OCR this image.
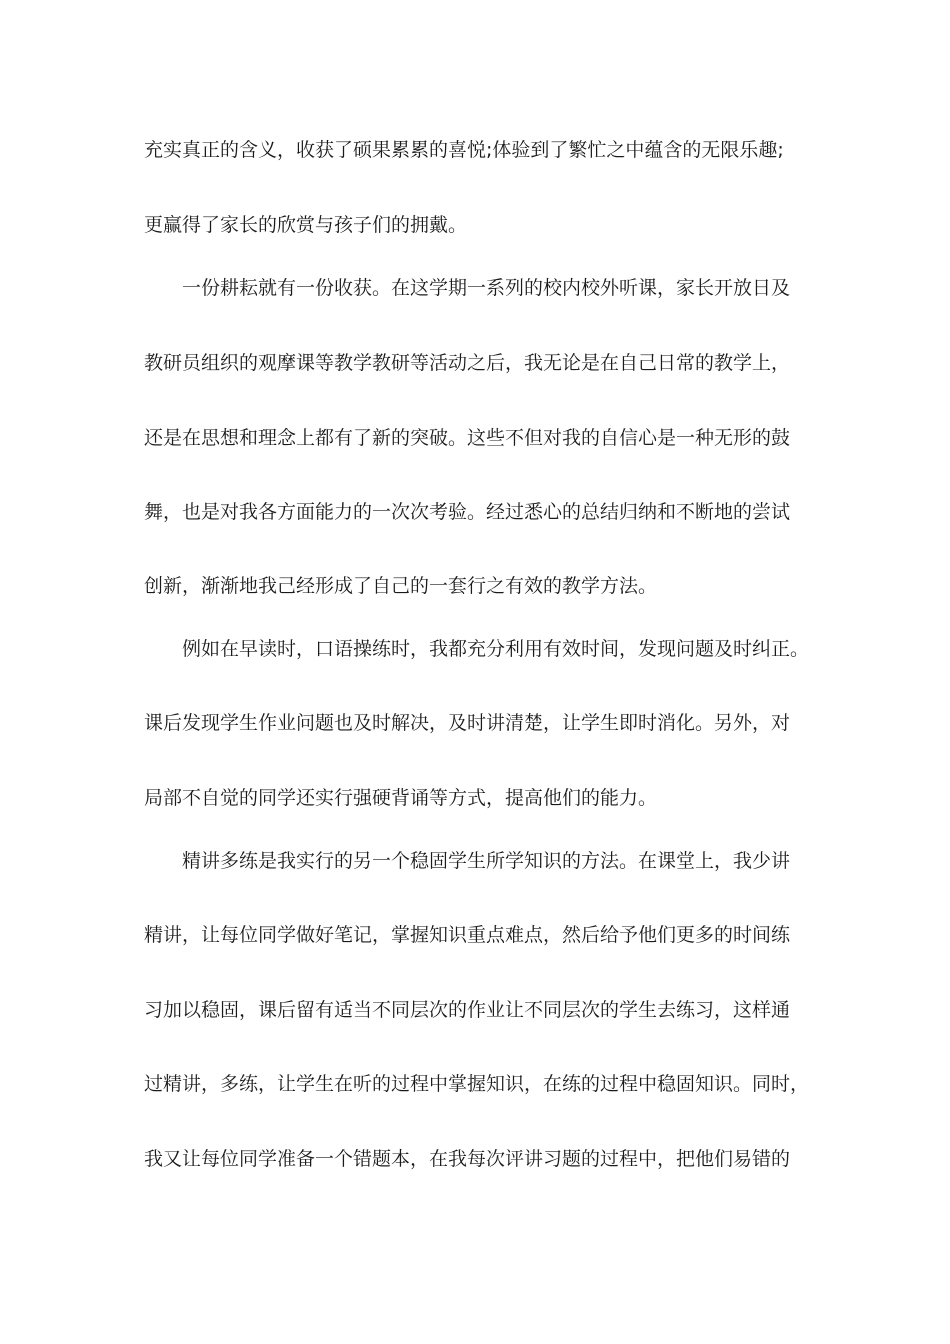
充实真正的含义，收获了硕果累累的喜悦;体验到了繁忙之中蕴含的无限乐趣;
更赢得了家长的欣赏与孩子们的拥戴。
一份耕耘就有一份收获。在这学期一系列的校内校外听课，家长开放日及
教研员组织的观摩课等教学教研等活动之后，我无论是在自己日常的教学上，
还是在思想和理念上都有了新的突破。这些不但对我的自信心是一种无形的鼓
舞，也是对我各方面能力的一次次考验。经过悉心的总结归纳和不断地的尝试
创新，渐渐地我己经形成了自己的一套行之有效的教学方法。
例如在早读时，口语操练时，我都充分利用有效时间，发现问题及时纠正。
课后发现学生作业问题也及时解决，及时讲清楚，让学生即时消化。另外，对
局部不自觉的同学还实行强硬背诵等方式，提高他们的能力。
精讲多练是我实行的另一个稳固学生所学知识的方法。在课堂上，我少讲
精讲，让每位同学做好笔记，掌握知识重点难点，然后给予他们更多的时间练
习加以稳固，课后留有适当不同层次的作业让不同层次的学生去练习，这样通
过精讲，多练，让学生在听的过程中掌握知识，在练的过程中稳固知识。同时，
我又让每位同学准备一个错题本，在我每次评讲习题的过程中，把他们易错的
